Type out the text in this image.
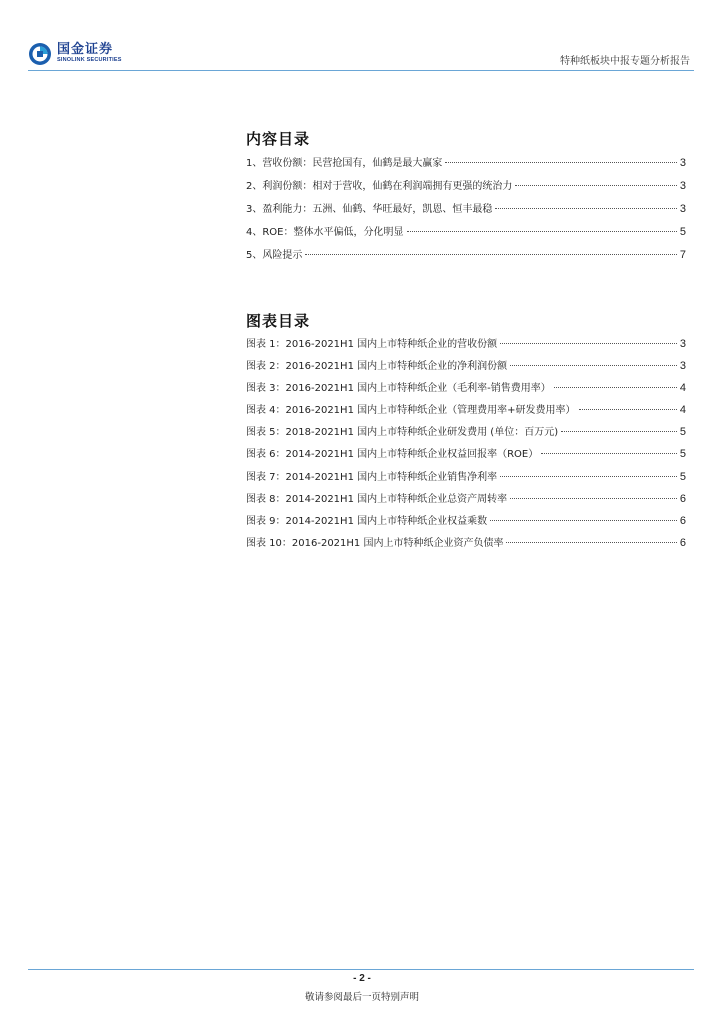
国金证券
SINOLINK SECURITIES	特种纸板块中报专题分析报告
内容目录
1、营收份额：民营抢国有，仙鹤是最大赢家	3
2、利润份额：相对于营收，仙鹤在利润端拥有更强的统治力	3
3、盈利能力：五洲、仙鹤、华旺最好，凯恩、恒丰最稳	3
4、ROE：整体水平偏低，分化明显	5
5、风险提示	7
图表目录
图表 1：2016-2021H1 国内上市特种纸企业的营收份额	3
图表 2：2016-2021H1 国内上市特种纸企业的净利润份额	3
图表 3：2016-2021H1 国内上市特种纸企业（毛利率-销售费用率）	4
图表 4：2016-2021H1 国内上市特种纸企业（管理费用率+研发费用率）	4
图表 5：2018-2021H1 国内上市特种纸企业研发费用 (单位：百万元)	5
图表 6：2014-2021H1 国内上市特种纸企业权益回报率（ROE）	5
图表 7：2014-2021H1 国内上市特种纸企业销售净利率	5
图表 8：2014-2021H1 国内上市特种纸企业总资产周转率	6
图表 9：2014-2021H1 国内上市特种纸企业权益乘数	6
图表 10：2016-2021H1 国内上市特种纸企业资产负债率	6
- 2 -
敬请参阅最后一页特别声明
